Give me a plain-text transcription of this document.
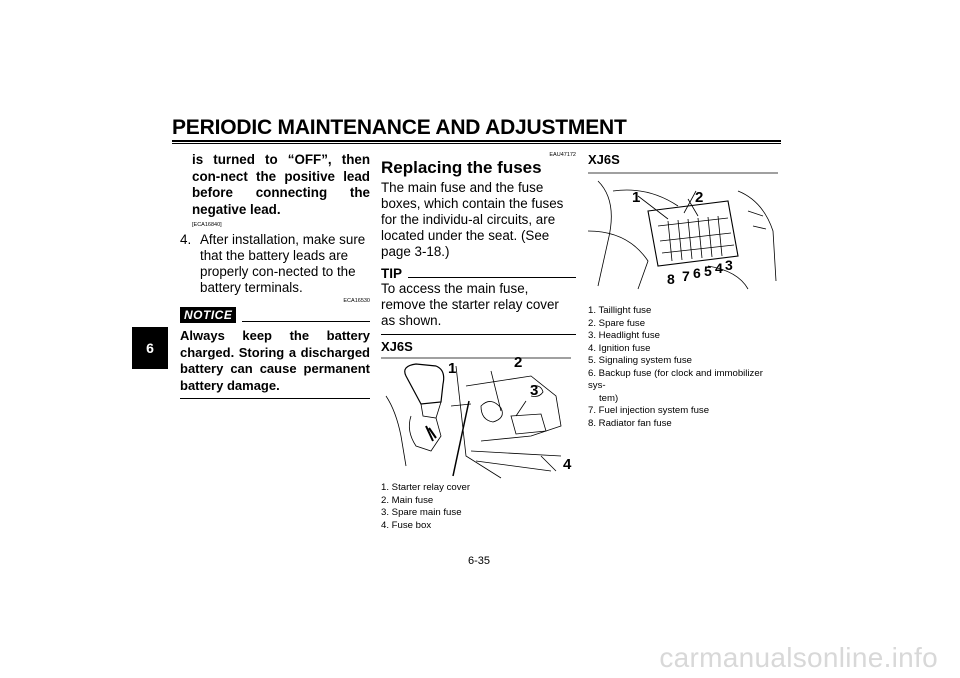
PERIODIC MAINTENANCE AND ADJUSTMENT
6

is turned to “OFF”, then con-nect the positive lead before connecting the negative lead.

[ECA16840]
4. After installation, make sure that the battery leads are properly con-nected to the battery terminals.

ECA16530
NOTICE

Always keep the battery charged. Storing a discharged battery can cause permanent battery damage.

EAU47172
Replacing the fuses

The main fuse and the fuse boxes, which contain the fuses for the individu-al circuits, are located under the seat. (See page 3-18.)

TIP

To access the main fuse, remove the starter relay cover as shown.

XJ6S
1	2
3
4
1. Starter relay cover
2. Main fuse
3. Spare main fuse
4. Fuse box
XJ6S
1	2
8 7 6 5 4 3
1. Taillight fuse
2. Spare fuse
3. Headlight fuse
4. Ignition fuse
5. Signaling system fuse
6. Backup fuse (for clock and immobilizer sys-
tem)
7. Fuel injection system fuse
8. Radiator fan fuse
6-35
carmanualsonline.info
